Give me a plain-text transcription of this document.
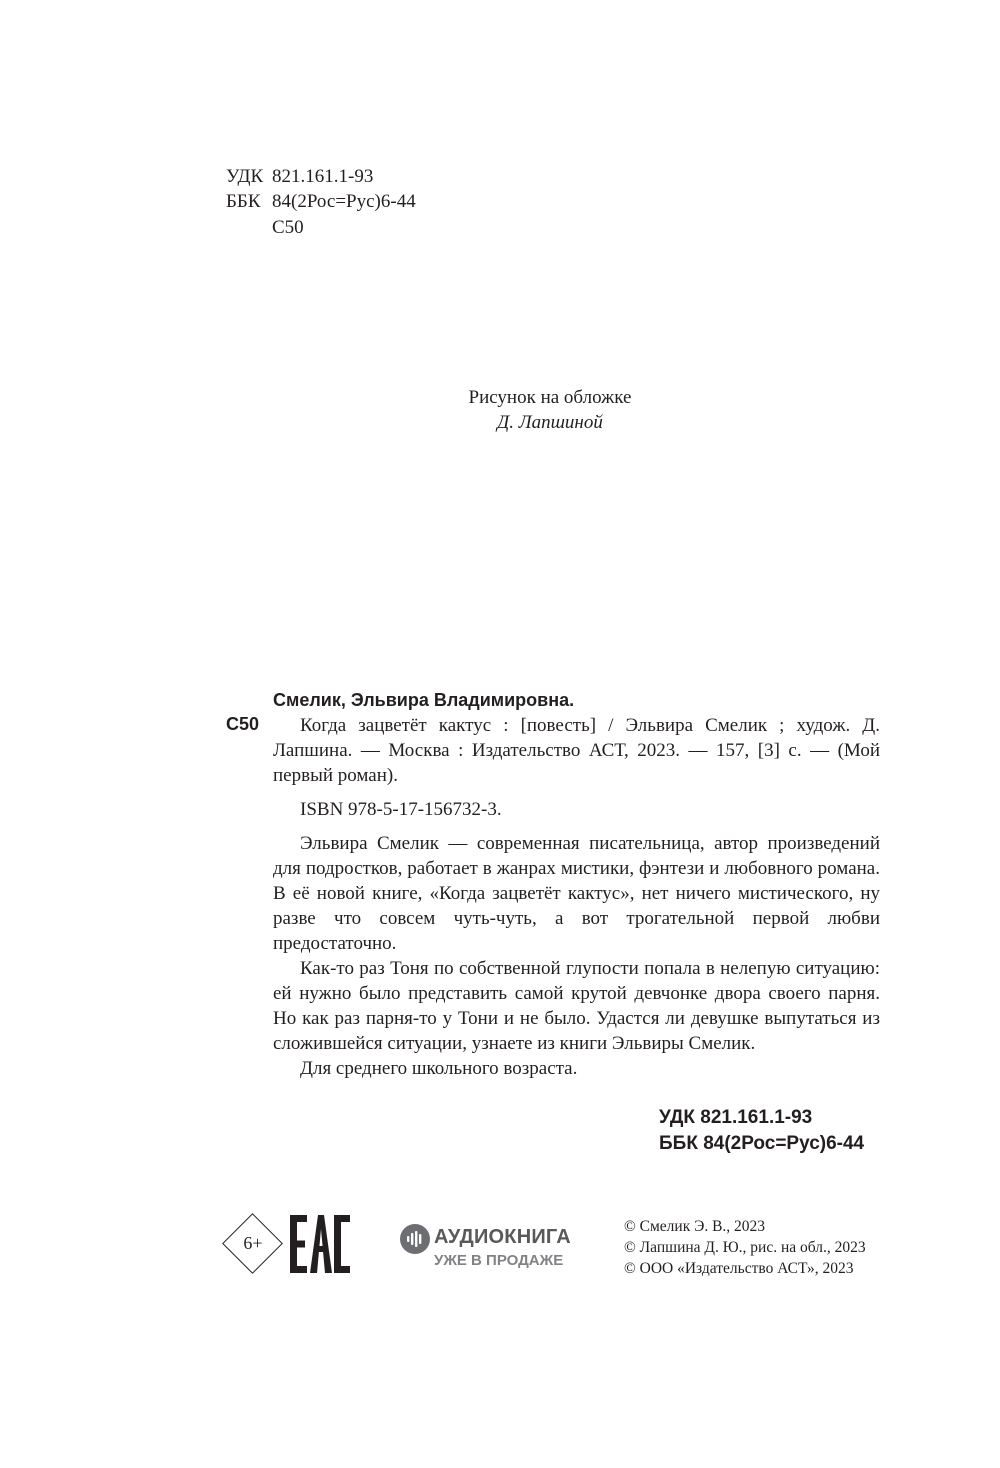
УДК 821.161.1-93
ББК 84(2Рос=Рус)6-44
С50
Рисунок на обложке
Д. Лапшиной
С50
Смелик, Эльвира Владимировна.

Когда зацветёт кактус : [повесть] / Эльвира Смелик ; худож. Д. Лапшина. — Москва : Издательство АСТ, 2023. — 157, [3] с. — (Мой первый роман).

ISBN 978-5-17-156732-3.

Эльвира Смелик — современная писательница, автор произведений для подростков, работает в жанрах мистики, фэнтези и любовного романа. В её новой книге, «Когда зацветёт кактус», нет ничего мистического, ну разве что совсем чуть-чуть, а вот трогательной первой любви предостаточно.

Как-то раз Тоня по собственной глупости попала в нелепую ситуацию: ей нужно было представить самой крутой девчонке двора своего парня. Но как раз парня-то у Тони и не было. Удастся ли девушке выпутаться из сложившейся ситуации, узнаете из книги Эльвиры Смелик.

Для среднего школьного возраста.

УДК 821.161.1-93
ББК 84(2Рос=Рус)6-44
6+	АУДИОКНИГА
УЖЕ В ПРОДАЖЕ
© Смелик Э. В., 2023
© Лапшина Д. Ю., рис. на обл., 2023
© ООО «Издательство АСТ», 2023
